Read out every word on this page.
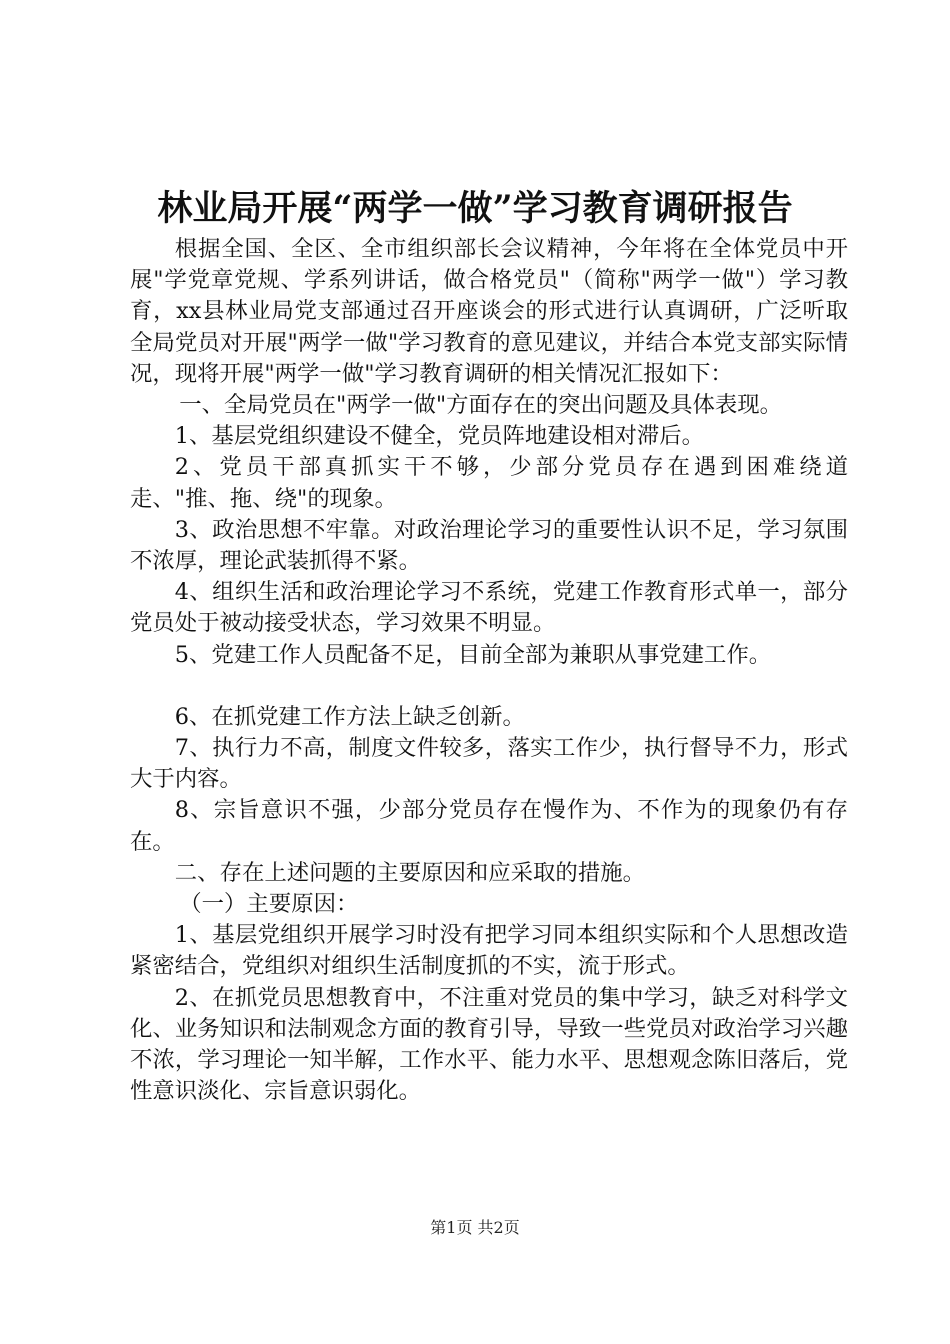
林业局开展“两学一做”学习教育调研报告

根据全国、全区、全市组织部长会议精神，今年将在全体党员中开展"学党章党规、学系列讲话，做合格党员"（简称"两学一做"）学习教育，xx县林业局党支部通过召开座谈会的形式进行认真调研，广泛听取全局党员对开展"两学一做"学习教育的意见建议，并结合本党支部实际情况，现将开展"两学一做"学习教育调研的相关情况汇报如下：

一、全局党员在"两学一做"方面存在的突出问题及具体表现。

1、基层党组织建设不健全，党员阵地建设相对滞后。

2、党员干部真抓实干不够，少部分党员存在遇到困难绕道走、"推、拖、绕"的现象。

3、政治思想不牢靠。对政治理论学习的重要性认识不足，学习氛围不浓厚，理论武装抓得不紧。

4、组织生活和政治理论学习不系统，党建工作教育形式单一，部分党员处于被动接受状态，学习效果不明显。

5、党建工作人员配备不足，目前全部为兼职从事党建工作。

6、在抓党建工作方法上缺乏创新。

7、执行力不高，制度文件较多，落实工作少，执行督导不力，形式大于内容。

8、宗旨意识不强，少部分党员存在慢作为、不作为的现象仍有存在。

二、存在上述问题的主要原因和应采取的措施。

（一）主要原因：

1、基层党组织开展学习时没有把学习同本组织实际和个人思想改造紧密结合，党组织对组织生活制度抓的不实，流于形式。

2、在抓党员思想教育中，不注重对党员的集中学习，缺乏对科学文化、业务知识和法制观念方面的教育引导，导致一些党员对政治学习兴趣不浓，学习理论一知半解，工作水平、能力水平、思想观念陈旧落后，党性意识淡化、宗旨意识弱化。

第1页 共2页
